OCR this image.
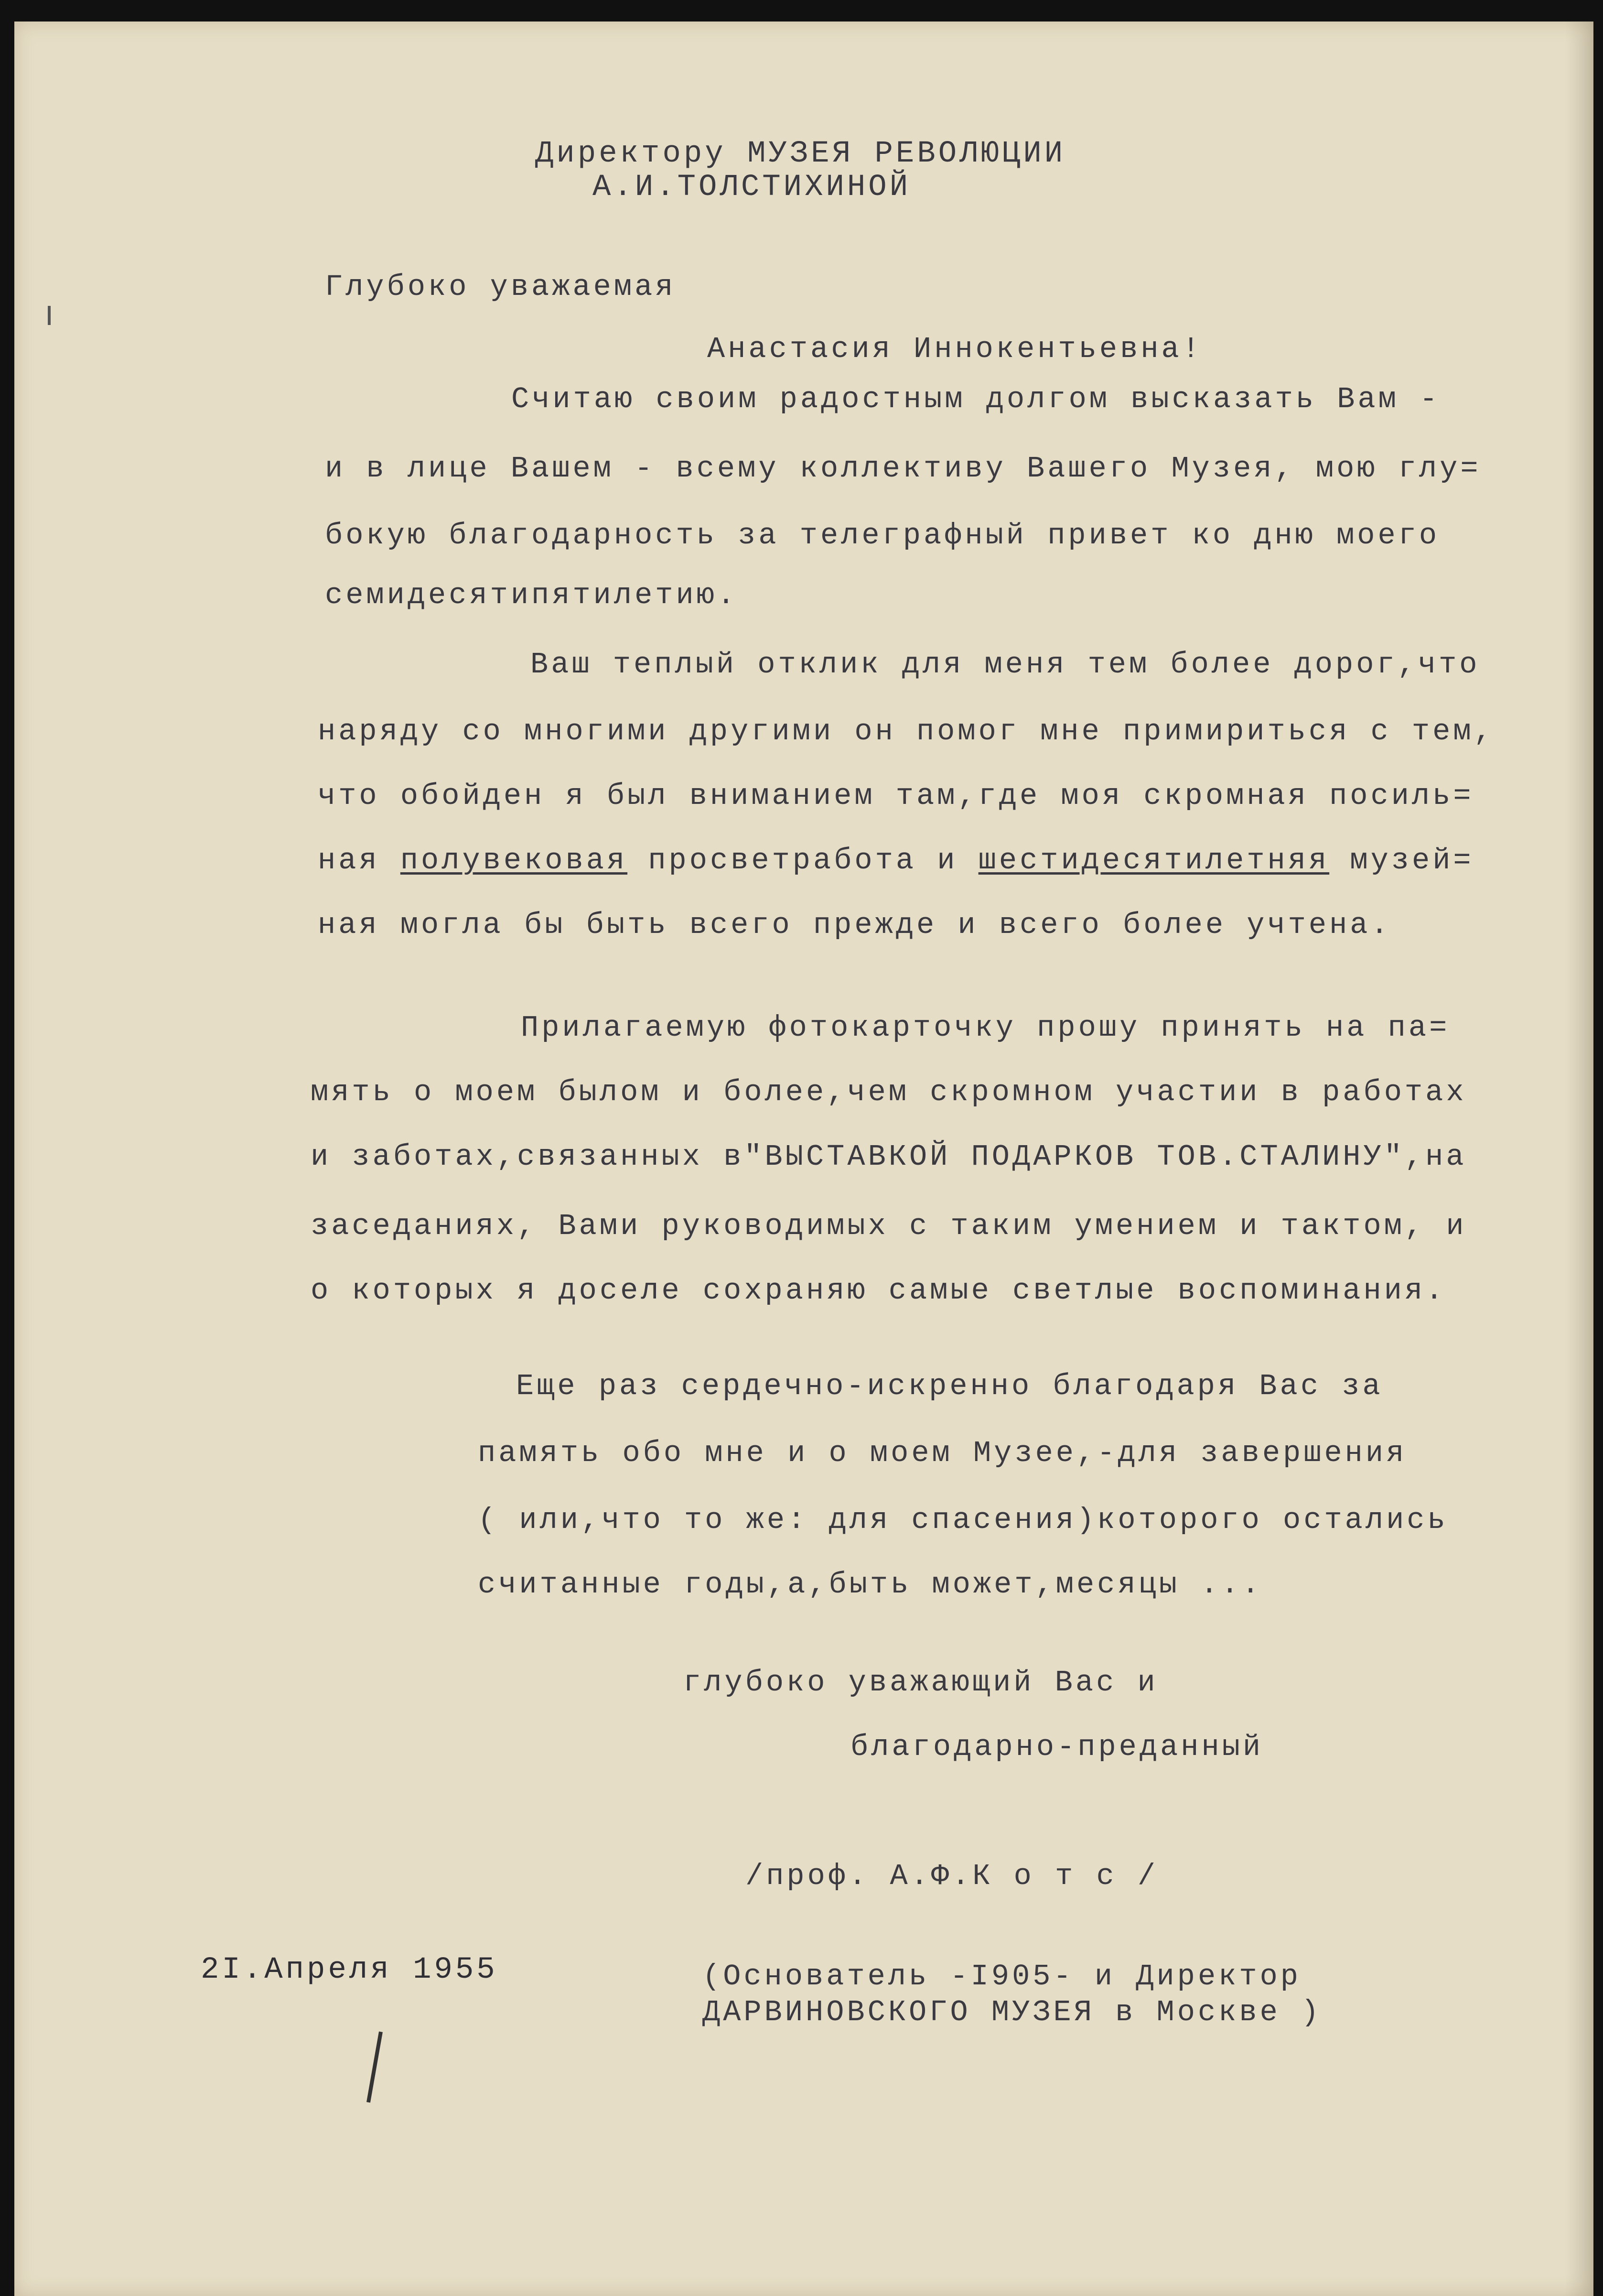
Директору МУЗЕЯ РЕВОЛЮЦИИ
А.И.ТОЛСТИХИНОЙ
Глубоко уважаемая
Анастасия Иннокентьевна!
Считаю своим радостным долгом высказать Вам -
и в лице Вашем - всему коллективу Вашего Музея, мою глу=
бокую благодарность за телеграфный привет ко дню моего
семидесятипятилетию.
Ваш теплый отклик для меня тем более дорог,что
наряду со многими другими он помог мне примириться с тем,
что обойден я был вниманием там,где моя скромная посиль=
ная полувековая просветработа и шестидесятилетняя музей=
ная могла бы быть всего прежде и всего более учтена.
Прилагаемую фотокарточку прошу принять на па=
мять о моем былом и более,чем скромном участии в работах
и заботах,связанных в"ВЫСТАВКОЙ ПОДАРКОВ ТОВ.СТАЛИНУ",на
заседаниях, Вами руководимых с таким умением и тактом, и
о которых я доселе сохраняю самые светлые воспоминания.
Еще раз сердечно-искренно благодаря Вас за
память обо мне и о моем Музее,-для завершения
( или,что то же: для спасения)которого остались
считанные годы,а,быть может,месяцы ...
глубоко уважающий Вас и
благодарно-преданный
/проф. А.Ф.К о т с /
2I.Апреля 1955	(Основатель -I905- и Директор
ДАРВИНОВСКОГО МУЗЕЯ в Москве )
